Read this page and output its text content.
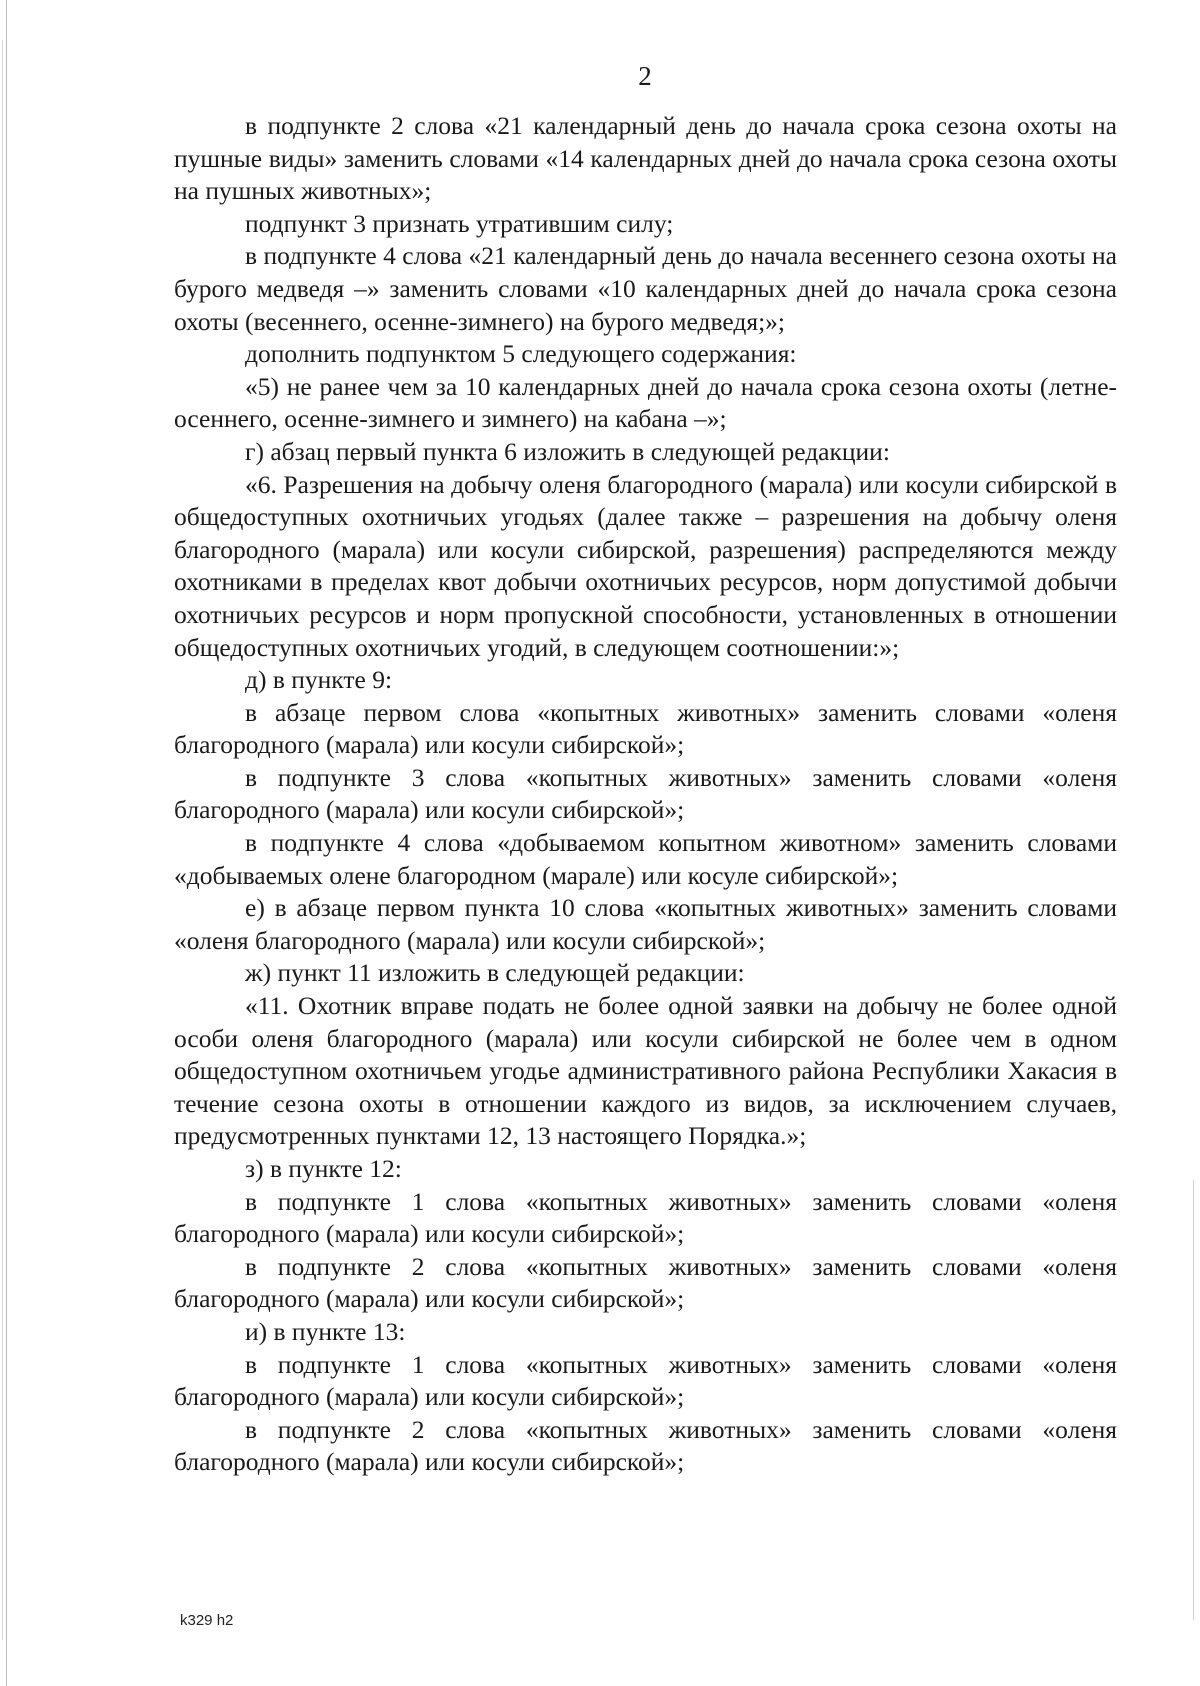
2

в подпункте 2 слова «21 календарный день до начала срока сезона охоты на пушные виды» заменить словами «14 календарных дней до начала срока сезона охоты на пушных животных»;

подпункт 3 признать утратившим силу;

в подпункте 4 слова «21 календарный день до начала весеннего сезона охоты на бурого медведя –» заменить словами «10 календарных дней до начала срока сезона охоты (весеннего, осенне-зимнего) на бурого медведя;»;

дополнить подпунктом 5 следующего содержания:

«5) не ранее чем за 10 календарных дней до начала срока сезона охоты (летне-осеннего, осенне-зимнего и зимнего) на кабана –»;

г) абзац первый пункта 6 изложить в следующей редакции:

«6. Разрешения на добычу оленя благородного (марала) или косули сибирской в общедоступных охотничьих угодьях (далее также – разрешения на добычу оленя благородного (марала) или косули сибирской, разрешения) распределяются между охотниками в пределах квот добычи охотничьих ресурсов, норм допустимой добычи охотничьих ресурсов и норм пропускной способности, установленных в отношении общедоступных охотничьих угодий, в следующем соотношении:»;

д) в пункте 9:

в абзаце первом слова «копытных животных» заменить словами «оленя благородного (марала) или косули сибирской»;

в подпункте 3 слова «копытных животных» заменить словами «оленя благородного (марала) или косули сибирской»;

в подпункте 4 слова «добываемом копытном животном» заменить словами «добываемых олене благородном (марале) или косуле сибирской»;

е) в абзаце первом пункта 10 слова «копытных животных» заменить словами «оленя благородного (марала) или косули сибирской»;

ж) пункт 11 изложить в следующей редакции:

«11. Охотник вправе подать не более одной заявки на добычу не более одной особи оленя благородного (марала) или косули сибирской не более чем в одном общедоступном охотничьем угодье административного района Республики Хакасия в течение сезона охоты в отношении каждого из видов, за исключением случаев, предусмотренных пунктами 12, 13 настоящего Порядка.»;

з) в пункте 12:

в подпункте 1 слова «копытных животных» заменить словами «оленя благородного (марала) или косули сибирской»;

в подпункте 2 слова «копытных животных» заменить словами «оленя благородного (марала) или косули сибирской»;

и) в пункте 13:

в подпункте 1 слова «копытных животных» заменить словами «оленя благородного (марала) или косули сибирской»;

в подпункте 2 слова «копытных животных» заменить словами «оленя благородного (марала) или косули сибирской»;

k329 h2
